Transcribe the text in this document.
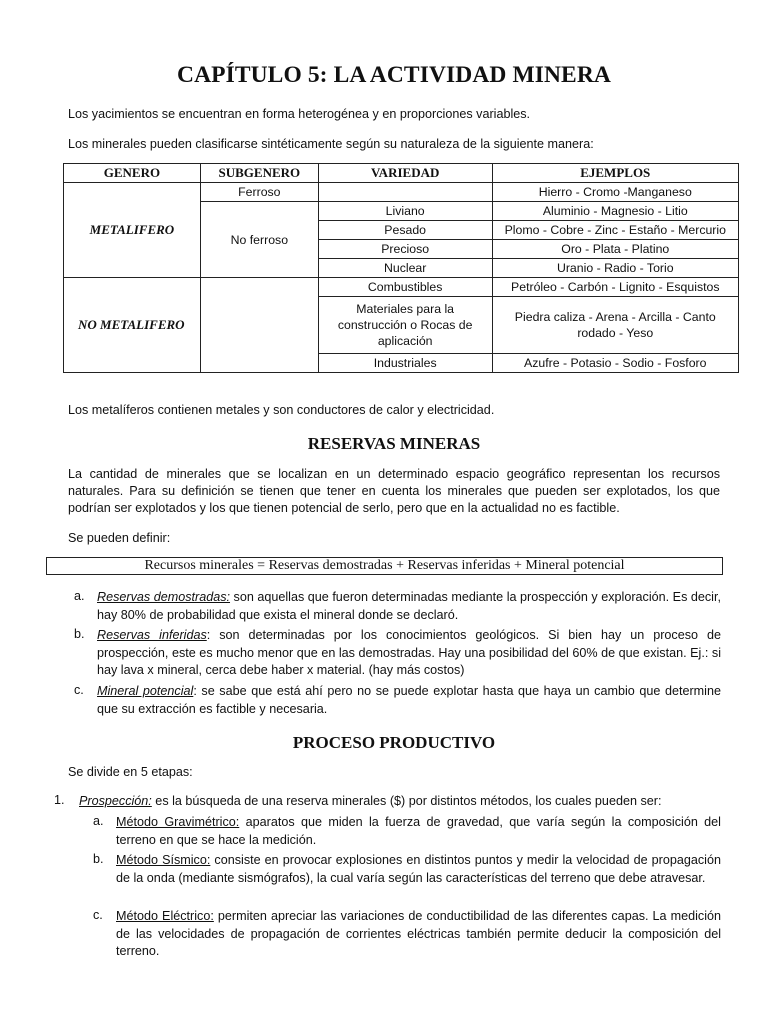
CAPÍTULO 5: LA ACTIVIDAD MINERA
Los yacimientos se encuentran en forma heterogénea y en proporciones variables.
Los minerales pueden clasificarse sintéticamente según su naturaleza de la siguiente manera:
GENERO	SUBGENERO	VARIEDAD	EJEMPLOS
METALIFERO	Ferroso		Hierro - Cromo -Manganeso
	No ferroso	Liviano	Aluminio - Magnesio - Litio
		Pesado	Plomo - Cobre - Zinc - Estaño - Mercurio
		Precioso	Oro - Plata - Platino
		Nuclear	Uranio - Radio - Torio
NO METALIFERO		Combustibles	Petróleo - Carbón - Lignito - Esquistos
		Materiales para la construcción o Rocas de aplicación	Piedra caliza - Arena - Arcilla - Canto rodado - Yeso
		Industriales	Azufre - Potasio - Sodio - Fosforo
Los metalíferos contienen metales y son conductores de calor y electricidad.
RESERVAS MINERAS
La cantidad de minerales que se localizan en un determinado espacio geográfico representan los recursos naturales. Para su definición se tienen que tener en cuenta los minerales que pueden ser explotados, los que podrían ser explotados y los que tienen potencial de serlo, pero que en la actualidad no es factible.
Se pueden definir:
Recursos minerales = Reservas demostradas + Reservas inferidas + Mineral potencial
a. Reservas demostradas: son aquellas que fueron determinadas mediante la prospección y exploración. Es decir, hay 80% de probabilidad que exista el mineral donde se declaró.
b. Reservas inferidas: son determinadas por los conocimientos geológicos. Si bien hay un proceso de prospección, este es mucho menor que en las demostradas. Hay una posibilidad del 60% de que existan. Ej.: si hay lava x mineral, cerca debe haber x material. (hay más costos)
c. Mineral potencial: se sabe que está ahí pero no se puede explotar hasta que haya un cambio que determine que su extracción es factible y necesaria.
PROCESO PRODUCTIVO
Se divide en 5 etapas:
1. Prospección: es la búsqueda de una reserva minerales ($) por distintos métodos, los cuales pueden ser:
a. Método Gravimétrico: aparatos que miden la fuerza de gravedad, que varía según la composición del terreno en que se hace la medición.
b. Método Sísmico: consiste en provocar explosiones en distintos puntos y medir la velocidad de propagación de la onda (mediante sismógrafos), la cual varía según las características del terreno que debe atravesar.
c. Método Eléctrico: permiten apreciar las variaciones de conductibilidad de las diferentes capas. La medición de las velocidades de propagación de corrientes eléctricas también permite deducir la composición del terreno.
